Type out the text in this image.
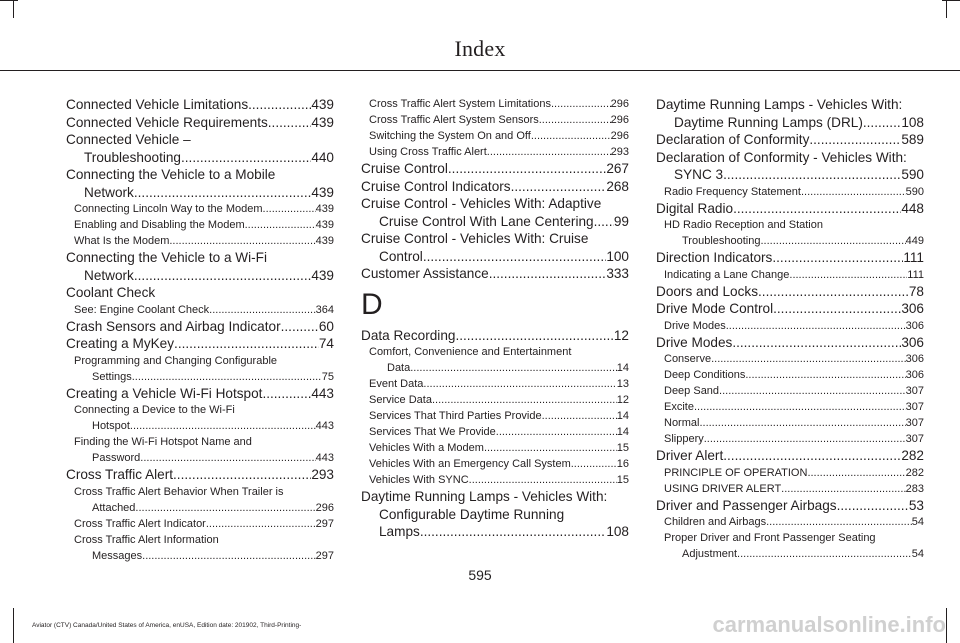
Index
Connected Vehicle Limitations .....	439
Connected Vehicle Requirements .....	439
Connected Vehicle –
Troubleshooting .....	440
Connecting the Vehicle to a Mobile
Network .....	439
Connecting Lincoln Way to the Modem .....	439
Enabling and Disabling the Modem .....	439
What Is the Modem .....	439
Connecting the Vehicle to a Wi-Fi
Network .....	439
Coolant Check
See: Engine Coolant Check .....	364
Crash Sensors and Airbag Indicator .....	60
Creating a MyKey .....	74
Programming and Changing Configurable
Settings .....	75
Creating a Vehicle Wi-Fi Hotspot .....	443
Connecting a Device to the Wi-Fi
Hotspot .....	443
Finding the Wi-Fi Hotspot Name and
Password .....	443
Cross Traffic Alert .....	293
Cross Traffic Alert Behavior When Trailer is
Attached .....	296
Cross Traffic Alert Indicator .....	297
Cross Traffic Alert Information
Messages .....	297
Cross Traffic Alert System Limitations .....	296
Cross Traffic Alert System Sensors .....	296
Switching the System On and Off .....	296
Using Cross Traffic Alert .....	293
Cruise Control .....	267
Cruise Control Indicators .....	268
Cruise Control - Vehicles With: Adaptive
Cruise Control With Lane Centering ..... 99
Cruise Control - Vehicles With: Cruise
Control .....	100
Customer Assistance .....	333
D
Data Recording .....	12
Comfort, Convenience and Entertainment
Data .....	14
Event Data .....	13
Service Data .....	12
Services That Third Parties Provide .....	14
Services That We Provide .....	14
Vehicles With a Modem .....	15
Vehicles With an Emergency Call System .....	16
Vehicles With SYNC .....	15
Daytime Running Lamps - Vehicles With:
Configurable Daytime Running
Lamps .....	108
Daytime Running Lamps - Vehicles With:
Daytime Running Lamps (DRL) .....	108
Declaration of Conformity .....	589
Declaration of Conformity - Vehicles With:
SYNC 3 .....	590
Radio Frequency Statement .....	590
Digital Radio .....	448
HD Radio Reception and Station
Troubleshooting .....	449
Direction Indicators .....	111
Indicating a Lane Change .....	111
Doors and Locks .....	78
Drive Mode Control .....	306
Drive Modes .....	306
Drive Modes .....	306
Conserve .....	306
Deep Conditions .....	306
Deep Sand .....	307
Excite .....	307
Normal .....	307
Slippery .....	307
Driver Alert .....	282
PRINCIPLE OF OPERATION .....	282
USING DRIVER ALERT .....	283
Driver and Passenger Airbags .....	53
Children and Airbags .....	54
Proper Driver and Front Passenger Seating
Adjustment .....	54
595
Aviator (CTV) Canada/United States of America, enUSA, Edition date: 201902, Third-Printing-	carmanualsonline.info
